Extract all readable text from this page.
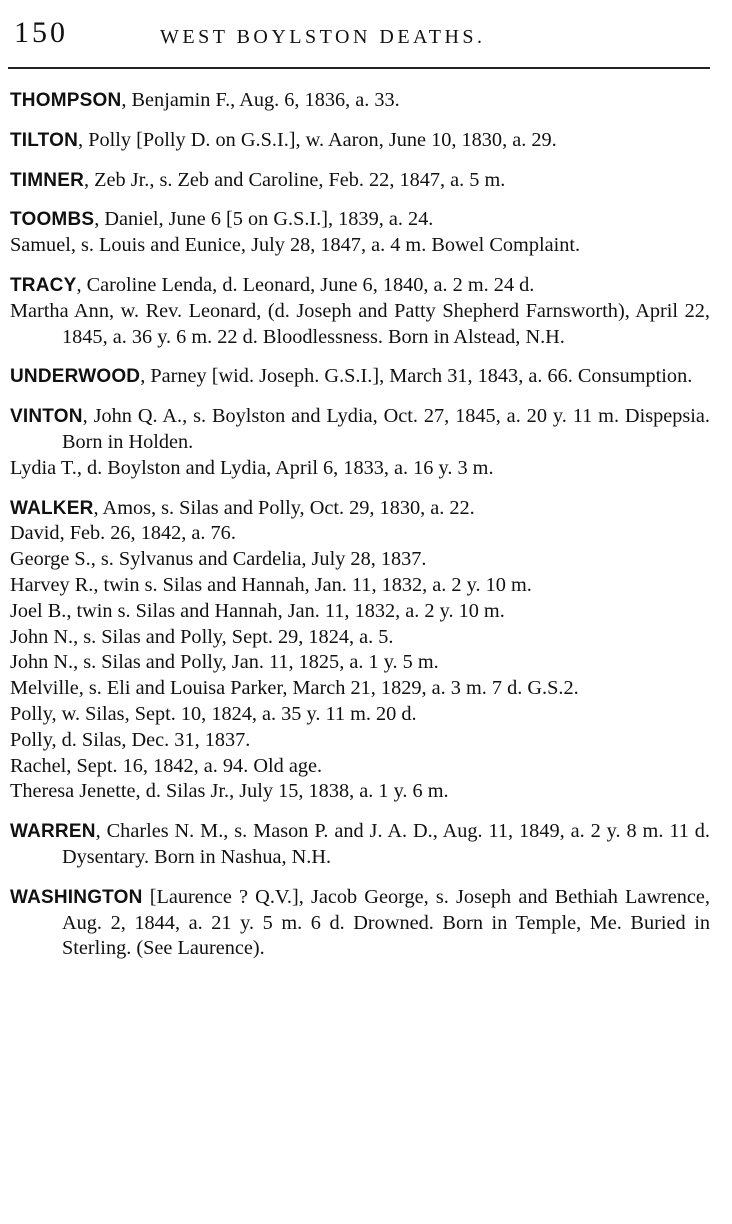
150	WEST BOYLSTON DEATHS.
THOMPSON, Benjamin F., Aug. 6, 1836, a. 33.
TILTON, Polly [Polly D. on G.S.I.], w. Aaron, June 10, 1830, a. 29.
TIMNER, Zeb Jr., s. Zeb and Caroline, Feb. 22, 1847, a. 5 m.
TOOMBS, Daniel, June 6 [5 on G.S.I.], 1839, a. 24.
Samuel, s. Louis and Eunice, July 28, 1847, a. 4 m. Bowel Complaint.
TRACY, Caroline Lenda, d. Leonard, June 6, 1840, a. 2 m. 24 d.
Martha Ann, w. Rev. Leonard, (d. Joseph and Patty Shepherd Farnsworth), April 22, 1845, a. 36 y. 6 m. 22 d. Bloodlessness. Born in Alstead, N.H.
UNDERWOOD, Parney [wid. Joseph. G.S.I.], March 31, 1843, a. 66. Consumption.
VINTON, John Q. A., s. Boylston and Lydia, Oct. 27, 1845, a. 20 y. 11 m. Dispepsia. Born in Holden.
Lydia T., d. Boylston and Lydia, April 6, 1833, a. 16 y. 3 m.
WALKER, Amos, s. Silas and Polly, Oct. 29, 1830, a. 22.
David, Feb. 26, 1842, a. 76.
George S., s. Sylvanus and Cardelia, July 28, 1837.
Harvey R., twin s. Silas and Hannah, Jan. 11, 1832, a. 2 y. 10 m.
Joel B., twin s. Silas and Hannah, Jan. 11, 1832, a. 2 y. 10 m.
John N., s. Silas and Polly, Sept. 29, 1824, a. 5.
John N., s. Silas and Polly, Jan. 11, 1825, a. 1 y. 5 m.
Melville, s. Eli and Louisa Parker, March 21, 1829, a. 3 m. 7 d. G.S.2.
Polly, w. Silas, Sept. 10, 1824, a. 35 y. 11 m. 20 d.
Polly, d. Silas, Dec. 31, 1837.
Rachel, Sept. 16, 1842, a. 94. Old age.
Theresa Jenette, d. Silas Jr., July 15, 1838, a. 1 y. 6 m.
WARREN, Charles N. M., s. Mason P. and J. A. D., Aug. 11, 1849, a. 2 y. 8 m. 11 d. Dysentary. Born in Nashua, N.H.
WASHINGTON [Laurence ? Q.V.], Jacob George, s. Joseph and Bethiah Lawrence, Aug. 2, 1844, a. 21 y. 5 m. 6 d. Drowned. Born in Temple, Me. Buried in Sterling. (See Laurence).
